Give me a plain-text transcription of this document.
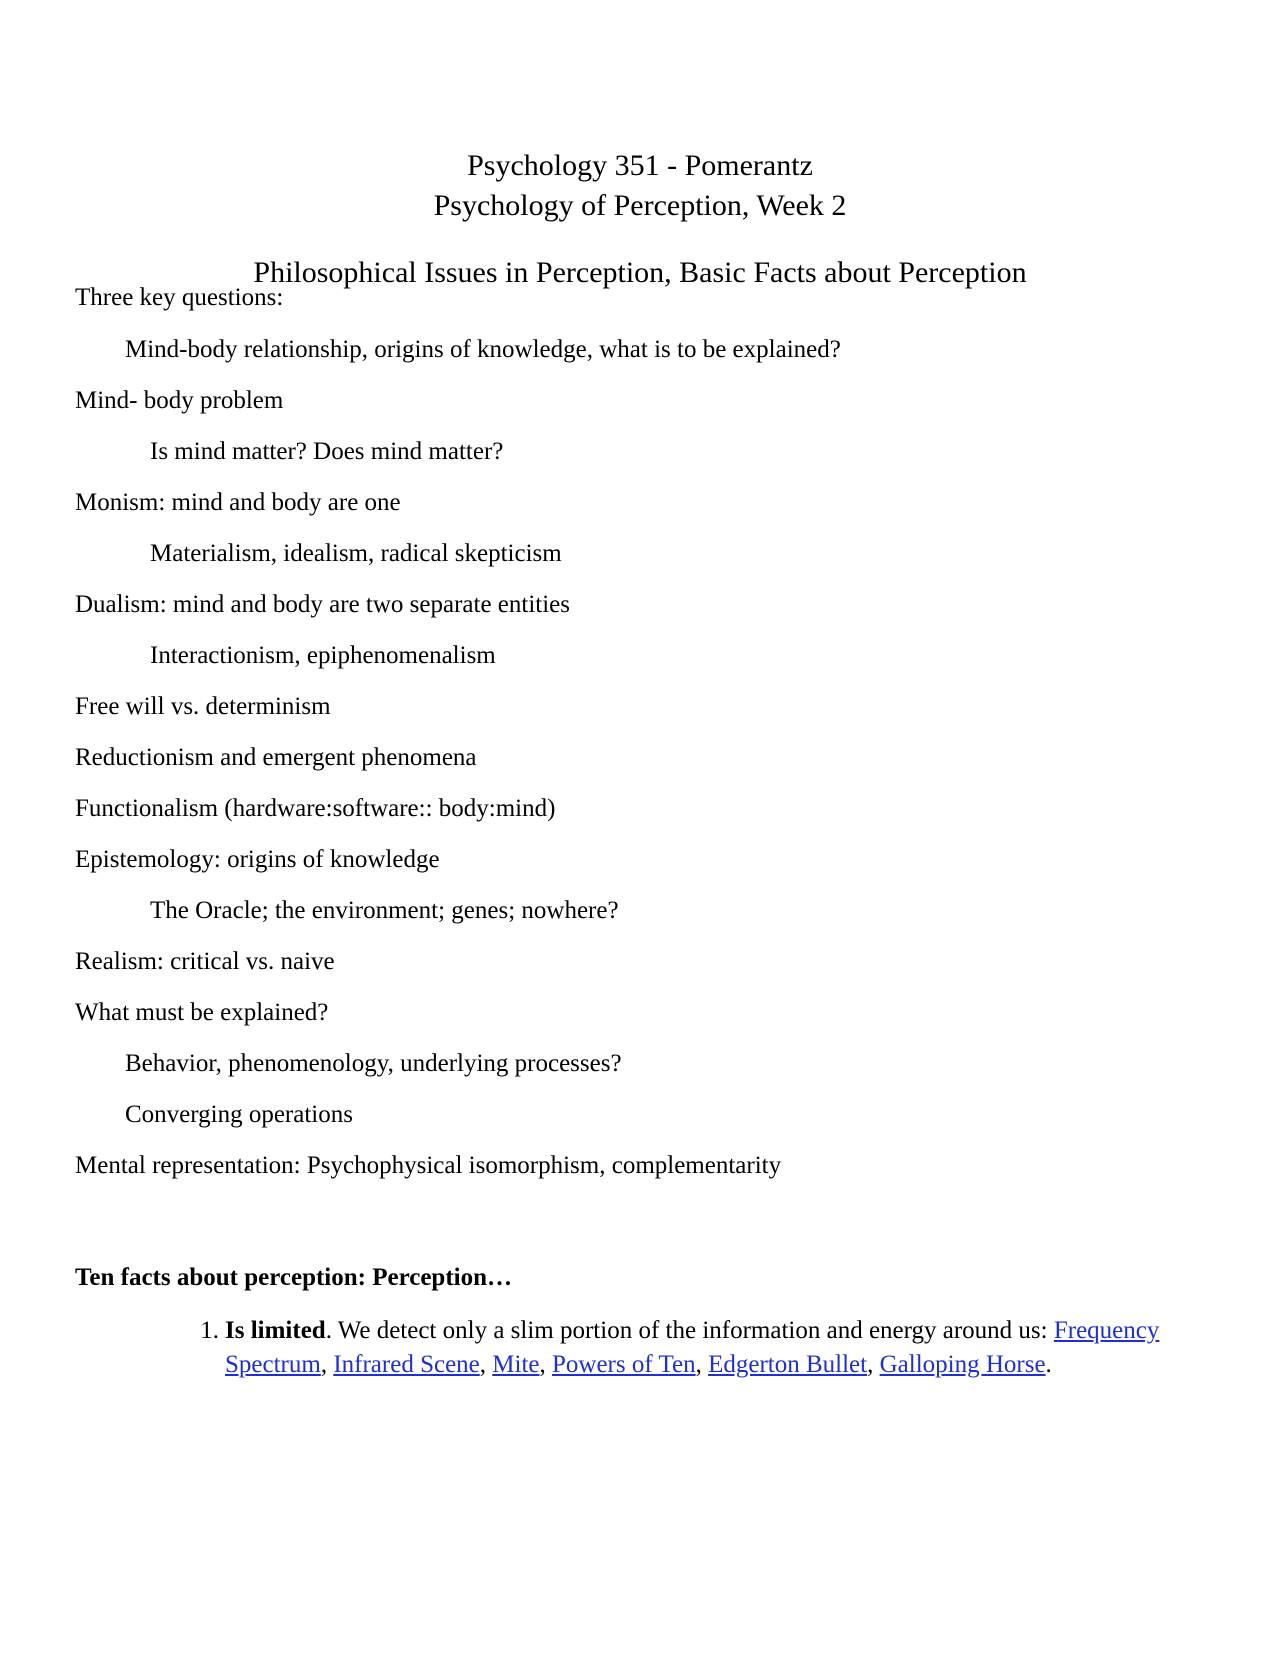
Psychology 351 - Pomerantz
Psychology of Perception, Week 2
Philosophical Issues in Perception, Basic Facts about Perception
Three key questions:
Mind-body relationship, origins of knowledge, what is to be explained?
Mind- body problem
Is mind matter? Does mind matter?
Monism: mind and body are one
Materialism, idealism, radical skepticism
Dualism: mind and body are two separate entities
Interactionism, epiphenomenalism
Free will vs. determinism
Reductionism and emergent phenomena
Functionalism (hardware:software:: body:mind)
Epistemology: origins of knowledge
The Oracle; the environment; genes; nowhere?
Realism: critical vs. naive
What must be explained?
Behavior, phenomenology, underlying processes?
Converging operations
Mental representation: Psychophysical isomorphism, complementarity
Ten facts about perception: Perception…
1. Is limited. We detect only a slim portion of the information and energy around us: Frequency Spectrum, Infrared Scene, Mite, Powers of Ten, Edgerton Bullet, Galloping Horse.
